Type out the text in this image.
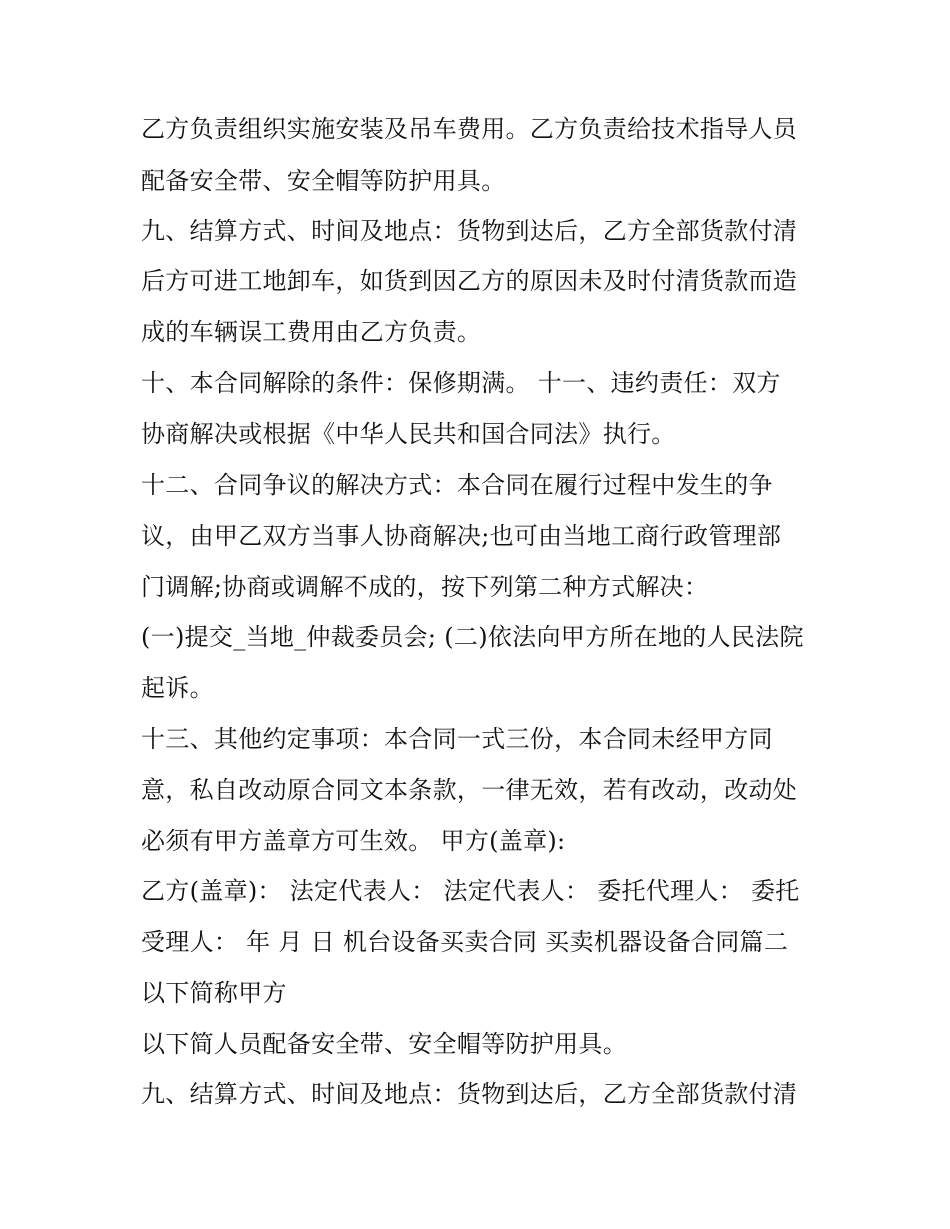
乙方负责组织实施安装及吊车费用。乙方负责给技术指导人员
配备安全带、安全帽等防护用具。
九、结算方式、时间及地点：货物到达后，乙方全部货款付清
后方可进工地卸车，如货到因乙方的原因未及时付清货款而造
成的车辆误工费用由乙方负责。
十、本合同解除的条件：保修期满。 十一、违约责任：双方
协商解决或根据《中华人民共和国合同法》执行。
十二、合同争议的解决方式：本合同在履行过程中发生的争
议，由甲乙双方当事人协商解决;也可由当地工商行政管理部
门调解;协商或调解不成的，按下列第二种方式解决：
(一)提交_当地_仲裁委员会; (二)依法向甲方所在地的人民法院
起诉。
十三、其他约定事项：本合同一式三份，本合同未经甲方同
意，私自改动原合同文本条款，一律无效，若有改动，改动处
必须有甲方盖章方可生效。 甲方(盖章):
乙方(盖章)： 法定代表人： 法定代表人： 委托代理人： 委托
受理人： 年 月 日 机台设备买卖合同 买卖机器设备合同篇二
以下简称甲方
以下简人员配备安全带、安全帽等防护用具。
九、结算方式、时间及地点：货物到达后，乙方全部货款付清
